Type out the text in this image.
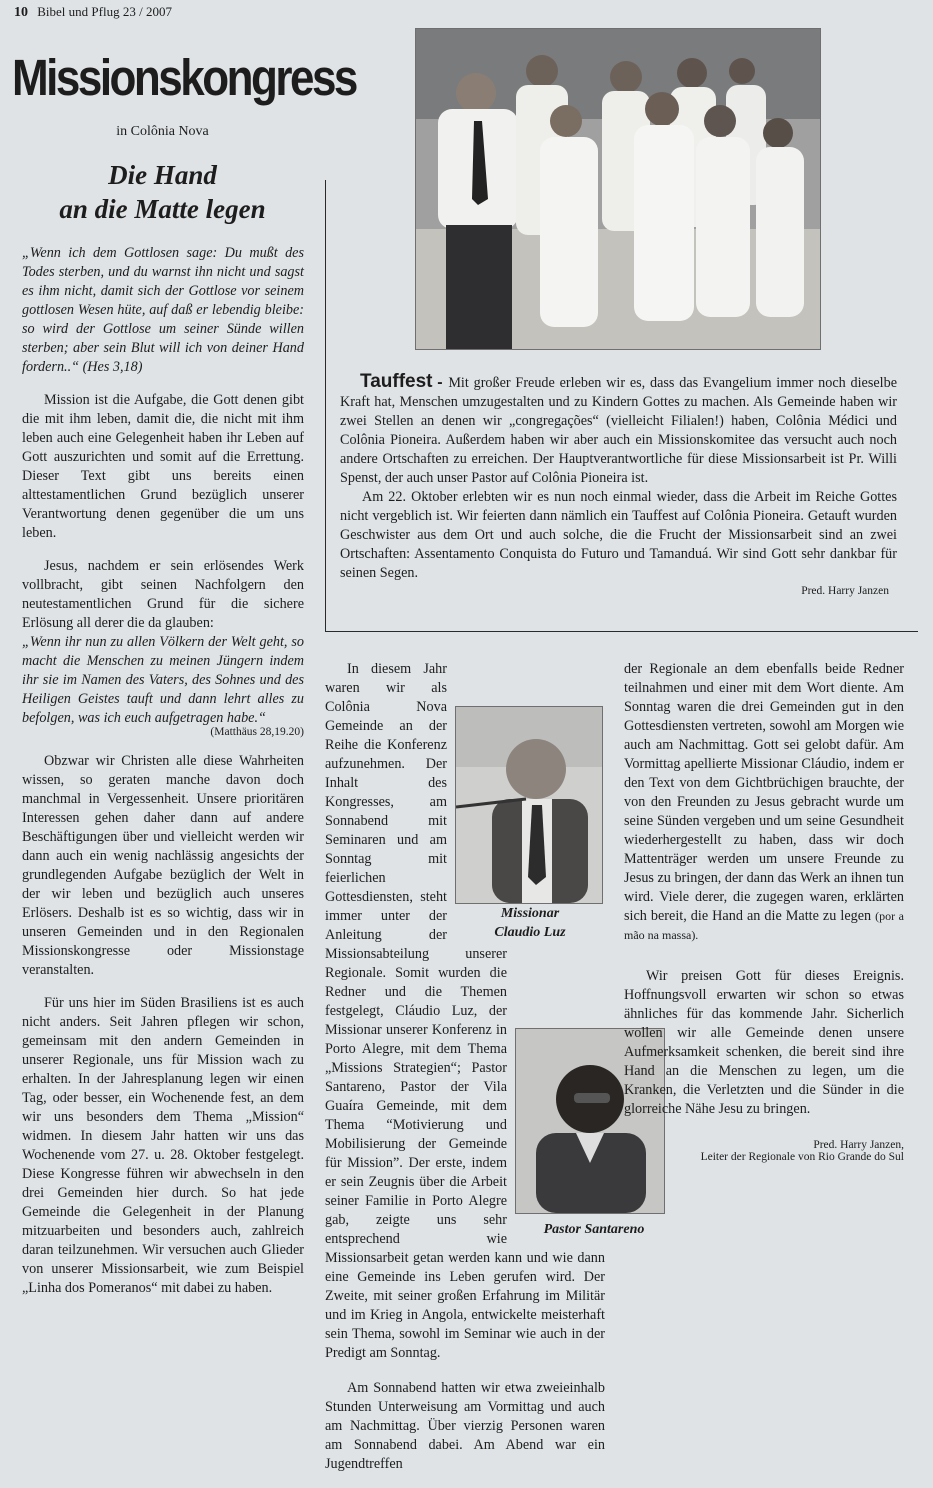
10 Bibel und Pflug 23 / 2007
Missionskongress
in Colônia Nova
Die Hand
an die Matte legen

„Wenn ich dem Gottlosen sage: Du mußt des Todes sterben, und du warnst ihn nicht und sagst es ihm nicht, damit sich der Gottlose vor seinem gottlosen Wesen hüte, auf daß er lebendig bleibe: so wird der Gottlose um seiner Sünde willen sterben; aber sein Blut will ich von deiner Hand fordern..“ (Hes 3,18)

Mission ist die Aufgabe, die Gott denen gibt die mit ihm leben, damit die, die nicht mit ihm leben auch eine Gelegenheit haben ihr Leben auf Gott auszurichten und somit auf die Errettung. Dieser Text gibt uns bereits einen alttestamentlichen Grund bezüglich unserer Verantwortung denen gegenüber die um uns leben.

Jesus, nachdem er sein erlösendes Werk vollbracht, gibt seinen Nachfolgern den neutestamentlichen Grund für die sichere Erlösung all derer die da glauben:

„Wenn ihr nun zu allen Völkern der Welt geht, so macht die Menschen zu meinen Jüngern indem ihr sie im Namen des Vaters, des Sohnes und des Heiligen Geistes tauft und dann lehrt alles zu befolgen, was ich euch aufgetragen habe.“

(Matthäus 28,19.20)

Obzwar wir Christen alle diese Wahrheiten wissen, so geraten manche davon doch manchmal in Vergessenheit. Unsere prioritären Interessen gehen daher dann auf andere Beschäftigungen über und vielleicht werden wir dann auch ein wenig nachlässig angesichts der grundlegenden Aufgabe bezüglich der Welt in der wir leben und bezüglich auch unseres Erlösers. Deshalb ist es so wichtig, dass wir in unseren Gemeinden und in den Regionalen Missionskongresse oder Missionstage veranstalten.

Für uns hier im Süden Brasiliens ist es auch nicht anders. Seit Jahren pflegen wir schon, gemeinsam mit den andern Gemeinden in unserer Regionale, uns für Mission wach zu erhalten. In der Jahresplanung legen wir einen Tag, oder besser, ein Wochenende fest, an dem wir uns besonders dem Thema „Mission“ widmen. In diesem Jahr hatten wir uns das Wochenende vom 27. u. 28. Oktober festgelegt. Diese Kongresse führen wir abwechseln in den drei Gemeinden hier durch. So hat jede Gemeinde die Gelegenheit in der Planung mitzuarbeiten und besonders auch, zahlreich daran teilzunehmen. Wir versuchen auch Glieder von unserer Missionsarbeit, wie zum Beispiel „Linha dos Pomeranos“ mit dabei zu haben.

Tauffest - Mit großer Freude erleben wir es, dass das Evangelium immer noch dieselbe Kraft hat, Menschen umzugestalten und zu Kindern Gottes zu machen. Als Gemeinde haben wir zwei Stellen an denen wir „congregações“ (vielleicht Filialen!) haben, Colônia Médici und Colônia Pioneira. Außerdem haben wir aber auch ein Missionskomitee das versucht auch noch andere Ortschaften zu erreichen. Der Hauptverantwortliche für diese Missionsarbeit ist Pr. Willi Spenst, der auch unser Pastor auf Colônia Pioneira ist.

Am 22. Oktober erlebten wir es nun noch einmal wieder, dass die Arbeit im Reiche Gottes nicht vergeblich ist. Wir feierten dann nämlich ein Tauffest auf Colônia Pioneira. Getauft wurden Geschwister aus dem Ort und auch solche, die die Frucht der Missionsarbeit sind an zwei Ortschaften: Assentamento Conquista do Futuro und Tamanduá. Wir sind Gott sehr dankbar für seinen Segen.

Pred. Harry Janzen
Missionar
Claudio Luz
Pastor Santareno

In diesem Jahr waren wir als Colônia Nova Gemeinde an der Reihe die Konferenz aufzunehmen. Der Inhalt des Kongresses, am Sonnabend mit Seminaren und am Sonntag mit feierlichen Gottesdiensten, steht immer unter der Anleitung der Missionsabteilung unserer Regionale. Somit wurden die Redner und die Themen festgelegt, Cláudio Luz, der Missionar unserer Konferenz in Porto Alegre, mit dem Thema „Missions Strategien“; Pastor Santareno, Pastor der Vila Guaíra Gemeinde, mit dem Thema “Motivierung und Mobilisierung der Gemeinde für Mission”. Der erste, indem er sein Zeugnis über die Arbeit seiner Familie in Porto Alegre gab, zeigte uns sehr entsprechend wie Missionsarbeit getan werden kann und wie dann eine Gemeinde ins Leben gerufen wird. Der Zweite, mit seiner großen Erfahrung im Militär und im Krieg in Angola, entwickelte meisterhaft sein Thema, sowohl im Seminar wie auch in der Predigt am Sonntag.

Am Sonnabend hatten wir etwa zweieinhalb Stunden Unterweisung am Vormittag und auch am Nachmittag. Über vierzig Personen waren am Sonnabend dabei. Am Abend war ein Jugendtreffen

der Regionale an dem ebenfalls beide Redner teilnahmen und einer mit dem Wort diente. Am Sonntag waren die drei Gemeinden gut in den Gottesdiensten vertreten, sowohl am Morgen wie auch am Nachmittag. Gott sei gelobt dafür. Am Vormittag apellierte Missionar Cláudio, indem er den Text von dem Gichtbrüchigen brauchte, der von den Freunden zu Jesus gebracht wurde um seine Sünden vergeben und um seine Gesundheit wiederhergestellt zu haben, dass wir doch Mattenträger werden um unsere Freunde zu Jesus zu bringen, der dann das Werk an ihnen tun wird. Viele derer, die zugegen waren, erklärten sich bereit, die Hand an die Matte zu legen (por a mão na massa).

Wir preisen Gott für dieses Ereignis. Hoffnungsvoll erwarten wir schon so etwas ähnliches für das kommende Jahr. Sicherlich wollen wir alle Gemeinde denen unsere Aufmerksamkeit schenken, die bereit sind ihre Hand an die Menschen zu legen, um die Kranken, die Verletzten und die Sünder in die glorreiche Nähe Jesu zu bringen.

Pred. Harry Janzen,
Leiter der Regionale von Rio Grande do Sul
